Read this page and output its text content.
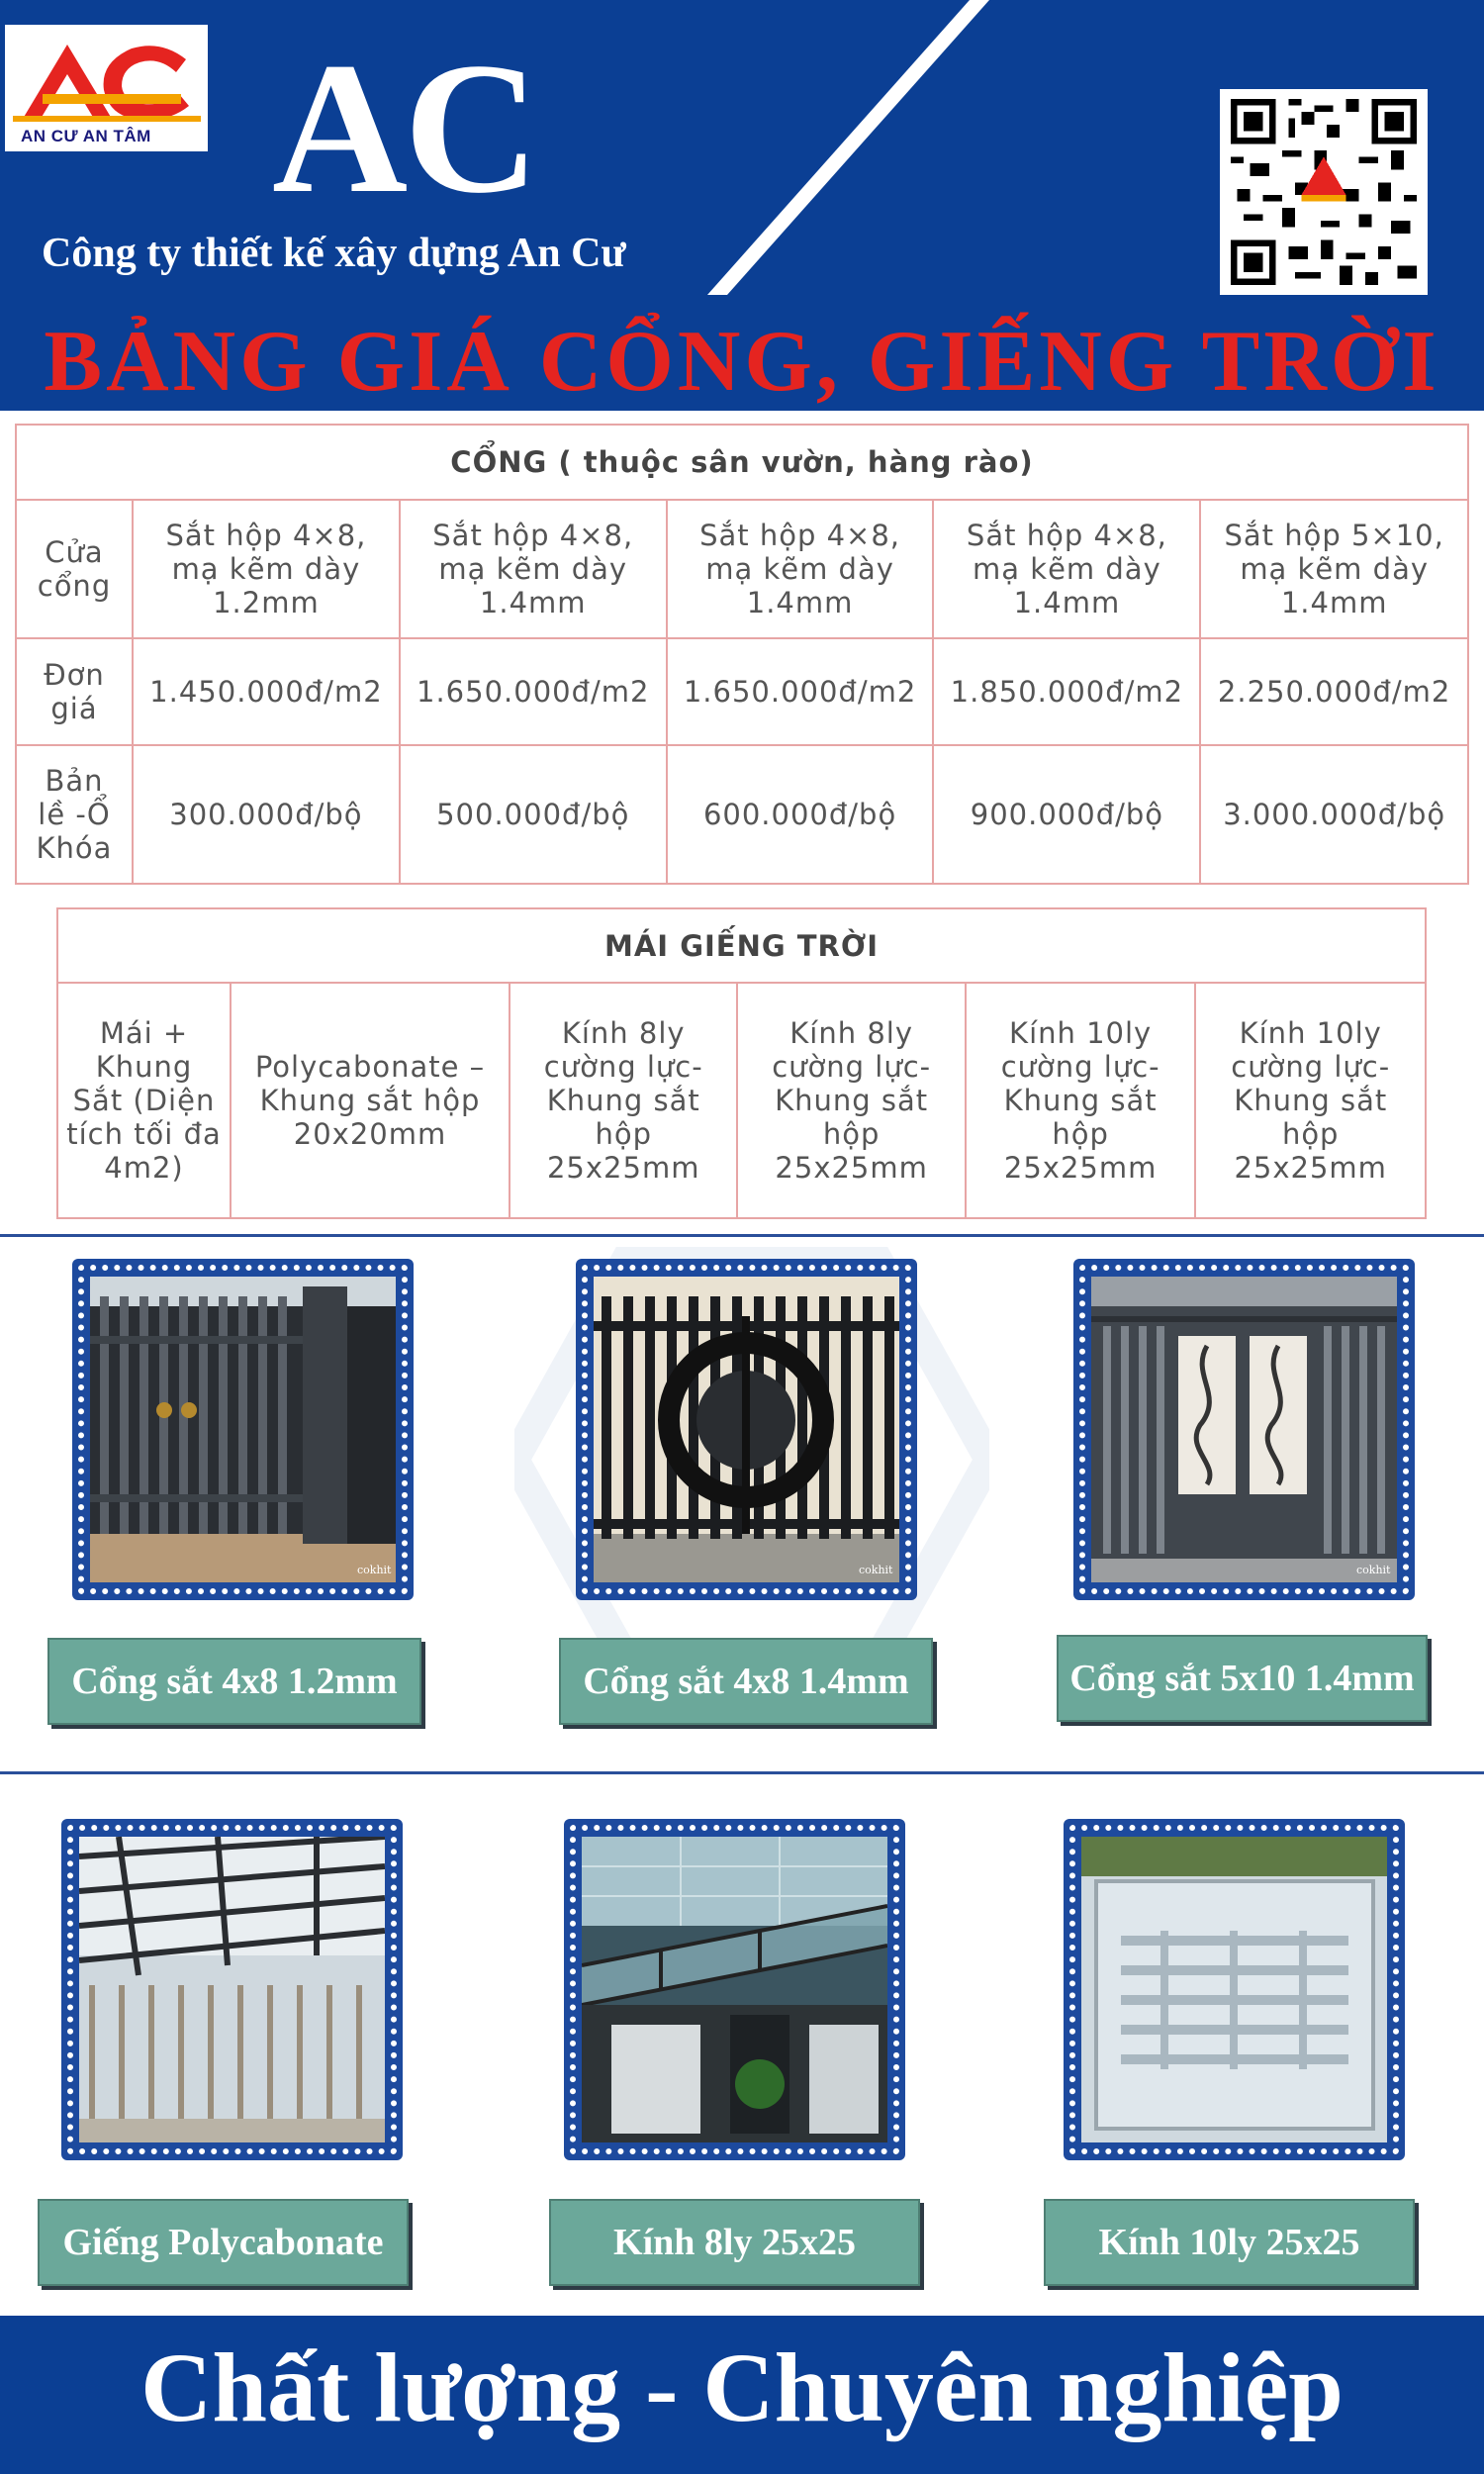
AN CƯ AN TÂM AC
Công ty thiết kế xây dựng An Cư
BẢNG GIÁ CỔNG, GIẾNG TRỜI
CỔNG ( thuộc sân vườn, hàng rào)					
Cửa cổng	Sắt hộp 4×8, mạ kẽm dày 1.2mm	Sắt hộp 4×8, mạ kẽm dày 1.4mm	Sắt hộp 4×8, mạ kẽm dày 1.4mm	Sắt hộp 4×8, mạ kẽm dày 1.4mm	Sắt hộp 5×10, mạ kẽm dày 1.4mm
Đơn giá	1.450.000đ/m2	1.650.000đ/m2	1.650.000đ/m2	1.850.000đ/m2	2.250.000đ/m2
Bản lề -Ổ Khóa	300.000đ/bộ	500.000đ/bộ	600.000đ/bộ	900.000đ/bộ	3.000.000đ/bộ
MÁI GIẾNG TRỜI
Mái + Khung Sắt (Diện tích tối đa 4m2)	Polycabonate – Khung sắt hộp 20x20mm	Kính 8ly cường lực- Khung sắt hộp 25x25mm	Kính 8ly cường lực- Khung sắt hộp 25x25mm	Kính 10ly cường lực- Khung sắt hộp 25x25mm	Kính 10ly cường lực- Khung sắt hộp 25x25mm
cokhit	cokhit	cokhit
Cổng sắt 4x8 1.2mm	Cổng sắt 4x8 1.4mm	Cổng sắt 5x10 1.4mm
Giếng Polycabonate	Kính 8ly 25x25	Kính 10ly 25x25
Chất lượng - Chuyên nghiệp
